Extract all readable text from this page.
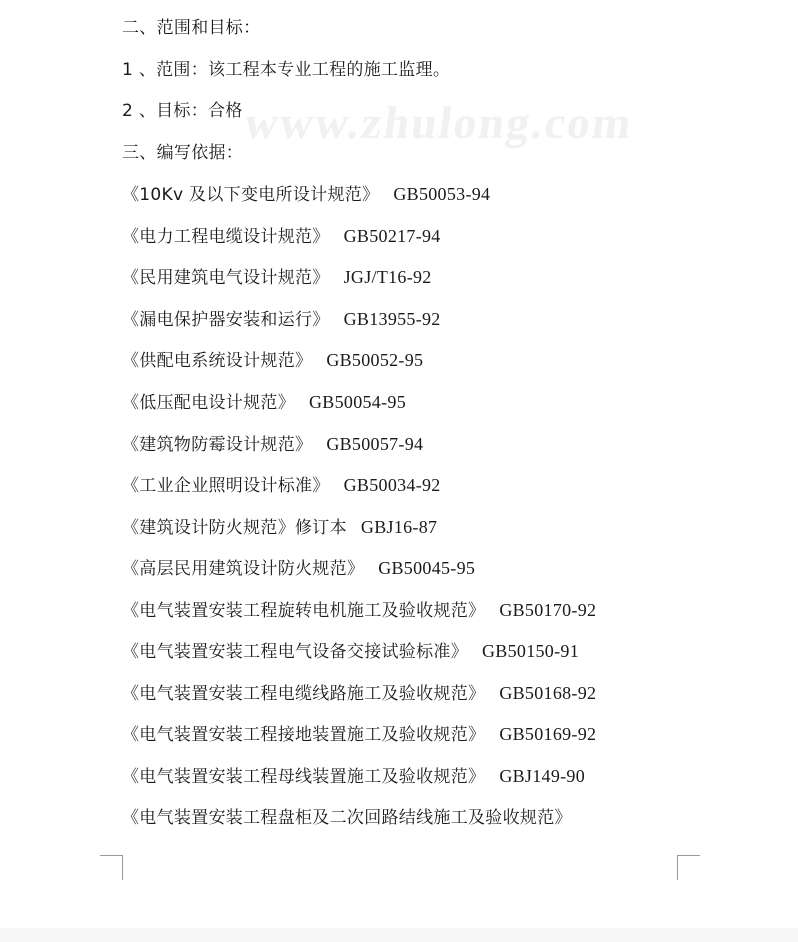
www.zhulong.com
二、范围和目标：
1 、范围：该工程本专业工程的施工监理。
2 、目标：合格
三、编写依据：
《10Kv 及以下变电所设计规范》 GB50053-94
《电力工程电缆设计规范》 GB50217-94
《民用建筑电气设计规范》 JGJ/T16-92
《漏电保护器安装和运行》 GB13955-92
《供配电系统设计规范》 GB50052-95
《低压配电设计规范》 GB50054-95
《建筑物防霉设计规范》 GB50057-94
《工业企业照明设计标准》 GB50034-92
《建筑设计防火规范》修订本 GBJ16-87
《高层民用建筑设计防火规范》 GB50045-95
《电气装置安装工程旋转电机施工及验收规范》 GB50170-92
《电气装置安装工程电气设备交接试验标准》 GB50150-91
《电气装置安装工程电缆线路施工及验收规范》 GB50168-92
《电气装置安装工程接地装置施工及验收规范》 GB50169-92
《电气装置安装工程母线装置施工及验收规范》 GBJ149-90
《电气装置安装工程盘柜及二次回路结线施工及验收规范》
